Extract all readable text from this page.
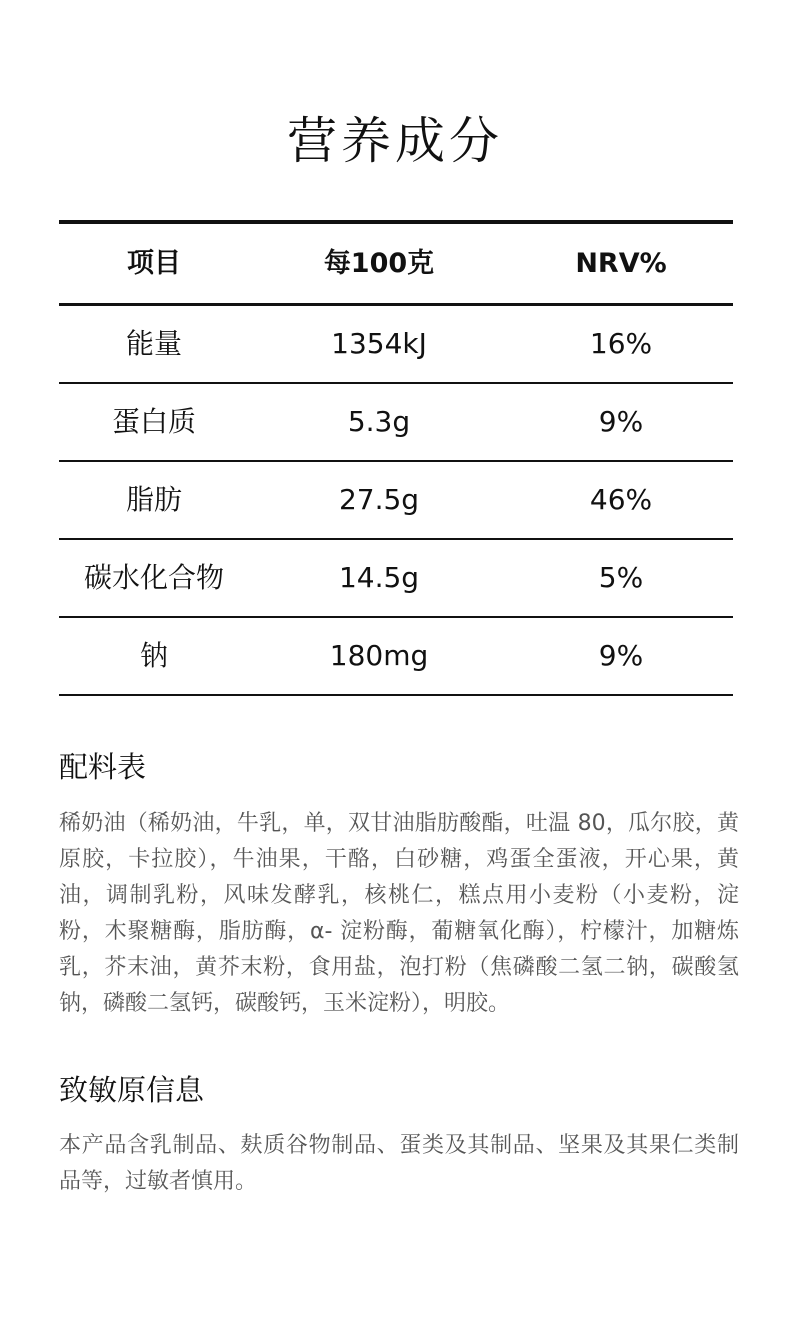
营养成分
项目	每100克	NRV%
能量	1354kJ	16%
蛋白质	5.3g	9%
脂肪	27.5g	46%
碳水化合物	14.5g	5%
钠	180mg	9%
配料表
稀奶油（稀奶油，牛乳，单，双甘油脂肪酸酯，吐温 80，瓜尔胶，黄原胶，卡拉胶），牛油果，干酪，白砂糖，鸡蛋全蛋液，开心果，黄油，调制乳粉，风味发酵乳，核桃仁，糕点用小麦粉（小麦粉，淀粉，木聚糖酶，脂肪酶，α- 淀粉酶，葡糖氧化酶），柠檬汁，加糖炼乳，芥末油，黄芥末粉，食用盐，泡打粉（焦磷酸二氢二钠，碳酸氢钠，磷酸二氢钙，碳酸钙，玉米淀粉），明胶。
致敏原信息
本产品含乳制品、麸质谷物制品、蛋类及其制品、坚果及其果仁类制品等，过敏者慎用。
